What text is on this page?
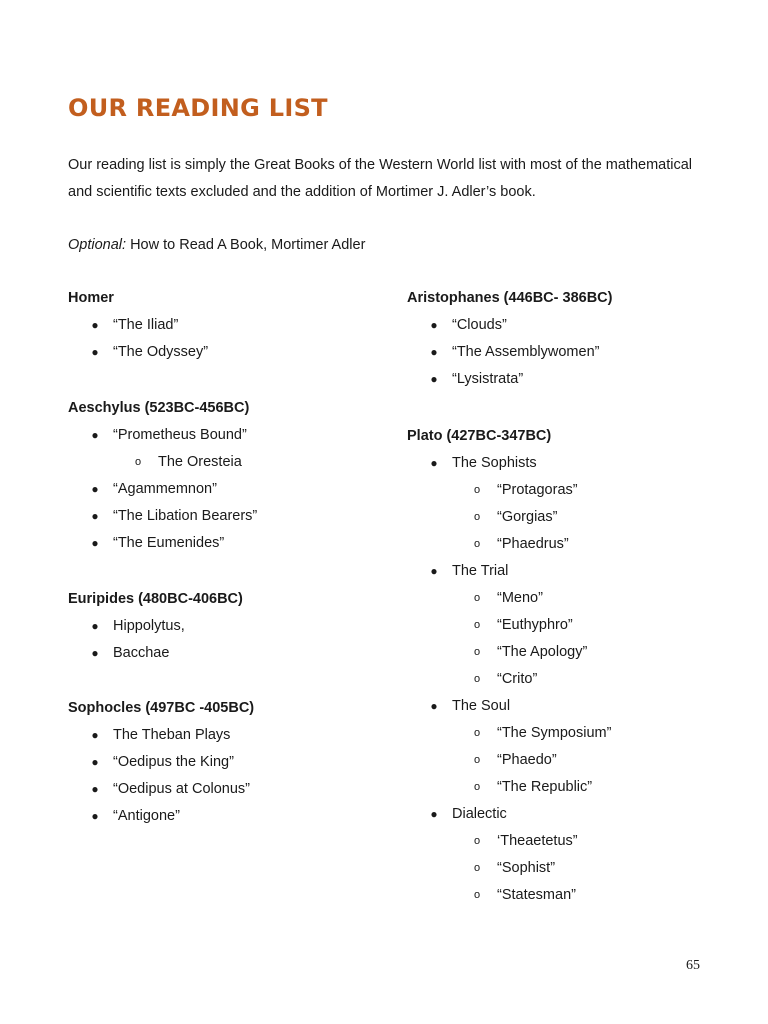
OUR READING LIST

Our reading list is simply the Great Books of the Western World list with most of the mathematical and scientific texts excluded and the addition of Mortimer J. Adler’s book.

Optional: How to Read A Book, Mortimer Adler

Homer
● “The Iliad”
● “The Odyssey”
Aeschylus (523BC-456BC)
● “Prometheus Bound”
o The Oresteia
● “Agammemnon”
● “The Libation Bearers”
● “The Eumenides”
Euripides (480BC-406BC)
● Hippolytus,
● Bacchae
Sophocles (497BC -405BC)
● The Theban Plays
● “Oedipus the King”
● “Oedipus at Colonus”
● “Antigone”
Aristophanes (446BC- 386BC)
● “Clouds”
● “The Assemblywomen”
● “Lysistrata”
Plato (427BC-347BC)
● The Sophists
o “Protagoras”
o “Gorgias”
o “Phaedrus”
● The Trial
o “Meno”
o “Euthyphro”
o “The Apology”
o “Crito”
● The Soul
o “The Symposium”
o “Phaedo”
o “The Republic”
● Dialectic
o ‘Theaetetus”
o “Sophist”
o “Statesman”

65
